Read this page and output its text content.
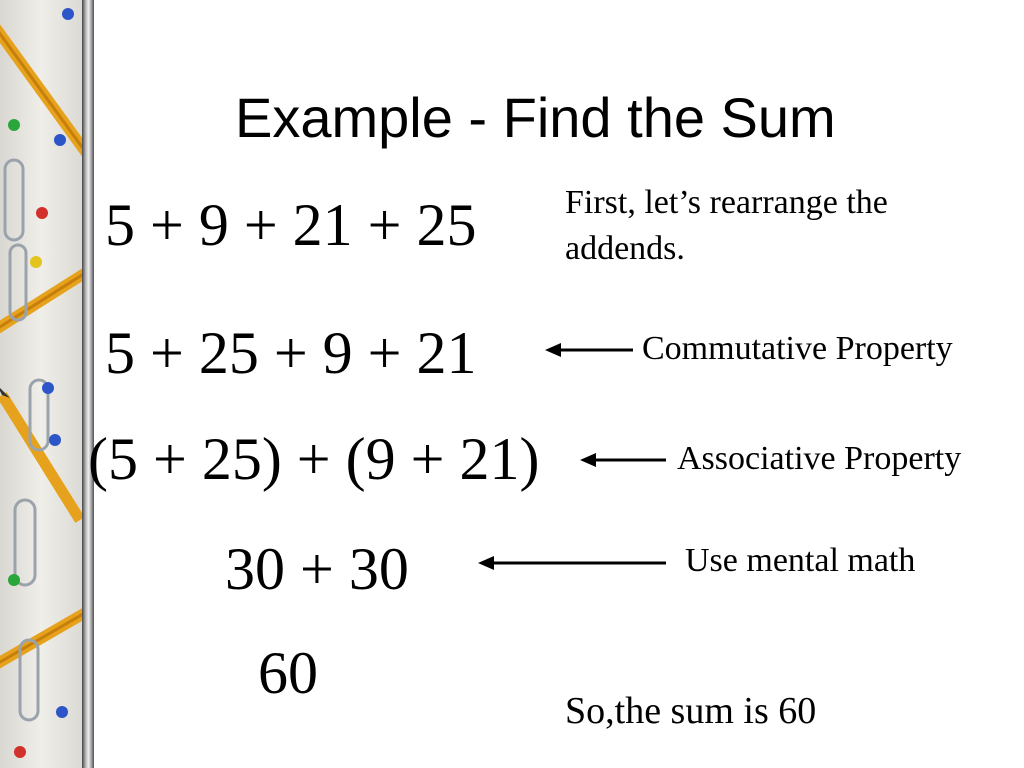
Example - Find the Sum
5 + 9 + 21 + 25
5 + 25 + 9 + 21
(5 + 25) + (9 + 21)
30 + 30
60
First, let’s rearrange the
addends.
Commutative Property
Associative Property
Use mental math
So,the sum is 60
